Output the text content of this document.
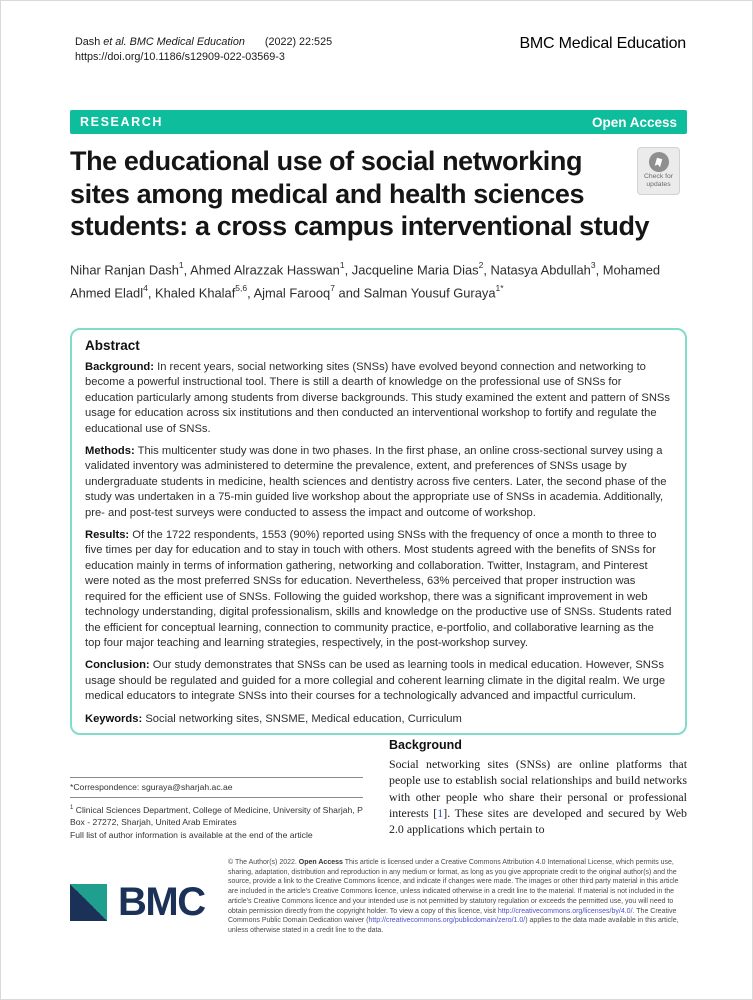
Dash et al. BMC Medical Education (2022) 22:525
https://doi.org/10.1186/s12909-022-03569-3
BMC Medical Education
RESEARCH	Open Access
The educational use of social networking
sites among medical and health sciences
students: a cross campus interventional study
Check for
updates
Nihar Ranjan Dash$^1$, Ahmed Alrazzak Hasswan$^1$, Jacqueline Maria Dias$^2$, Natasya Abdullah$^3$, Mohamed Ahmed Eladl$^4$, Khaled Khalaf$^{5,6}$, Ajmal Farooq$^7$ and Salman Yousuf Guraya$^{1*}$
Abstract

Background: In recent years, social networking sites (SNSs) have evolved beyond connection and networking to become a powerful instructional tool. There is still a dearth of knowledge on the professional use of SNSs for education particularly among students from diverse backgrounds. This study examined the extent and pattern of SNSs usage for education across six institutions and then conducted an interventional workshop to fortify and regulate the educational use of SNSs.

Methods: This multicenter study was done in two phases. In the first phase, an online cross-sectional survey using a validated inventory was administered to determine the prevalence, extent, and preferences of SNSs usage by undergraduate students in medicine, health sciences and dentistry across five centers. Later, the second phase of the study was undertaken in a 75-min guided live workshop about the appropriate use of SNSs in academia. Additionally, pre- and post-test surveys were conducted to assess the impact and outcome of workshop.

Results: Of the 1722 respondents, 1553 (90%) reported using SNSs with the frequency of once a month to three to five times per day for education and to stay in touch with others. Most students agreed with the benefits of SNSs for education mainly in terms of information gathering, networking and collaboration. Twitter, Instagram, and Pinterest were noted as the most preferred SNSs for education. Nevertheless, 63% perceived that proper instruction was required for the efficient use of SNSs. Following the guided workshop, there was a significant improvement in web technology understanding, digital professionalism, skills and knowledge on the productive use of SNSs. Students rated the efficient for conceptual learning, connection to community practice, e-portfolio, and collaborative learning as the top four major teaching and learning strategies, respectively, in the post-workshop survey.

Conclusion: Our study demonstrates that SNSs can be used as learning tools in medical education. However, SNSs usage should be regulated and guided for a more collegial and coherent learning climate in the digital realm. We urge medical educators to integrate SNSs into their courses for a technologically advanced and impactful curriculum.

Keywords: Social networking sites, SNSME, Medical education, Curriculum

*Correspondence: sguraya@sharjah.ac.ae
$^1$ Clinical Sciences Department, College of Medicine, University of Sharjah, P Box - 27272, Sharjah, United Arab Emirates
Full list of author information is available at the end of the article
Background

Social networking sites (SNSs) are online platforms that people use to establish social relationships and build networks with other people who share their personal or professional interests [1]. These sites are developed and secured by Web 2.0 applications which pertain to

BMC
© The Author(s) 2022. Open Access This article is licensed under a Creative Commons Attribution 4.0 International License, which permits use, sharing, adaptation, distribution and reproduction in any medium or format, as long as you give appropriate credit to the original author(s) and the source, provide a link to the Creative Commons licence, and indicate if changes were made. The images or other third party material in this article are included in the article's Creative Commons licence, unless indicated otherwise in a credit line to the material. If material is not included in the article's Creative Commons licence and your intended use is not permitted by statutory regulation or exceeds the permitted use, you will need to obtain permission directly from the copyright holder. To view a copy of this licence, visit http://creativecommons.org/licenses/by/4.0/. The Creative Commons Public Domain Dedication waiver (http://creativecommons.org/publicdomain/zero/1.0/) applies to the data made available in this article, unless otherwise stated in a credit line to the data.
